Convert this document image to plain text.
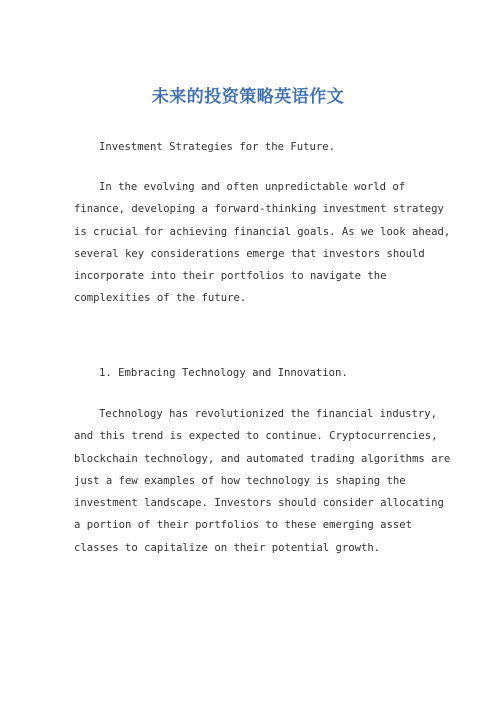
未来的投资策略英语作文
Investment Strategies for the Future.
In the evolving and often unpredictable world of
finance, developing a forward-thinking investment strategy
is crucial for achieving financial goals. As we look ahead,
several key considerations emerge that investors should
incorporate into their portfolios to navigate the
complexities of the future.
1. Embracing Technology and Innovation.
Technology has revolutionized the financial industry,
and this trend is expected to continue. Cryptocurrencies,
blockchain technology, and automated trading algorithms are
just a few examples of how technology is shaping the
investment landscape. Investors should consider allocating
a portion of their portfolios to these emerging asset
classes to capitalize on their potential growth.
